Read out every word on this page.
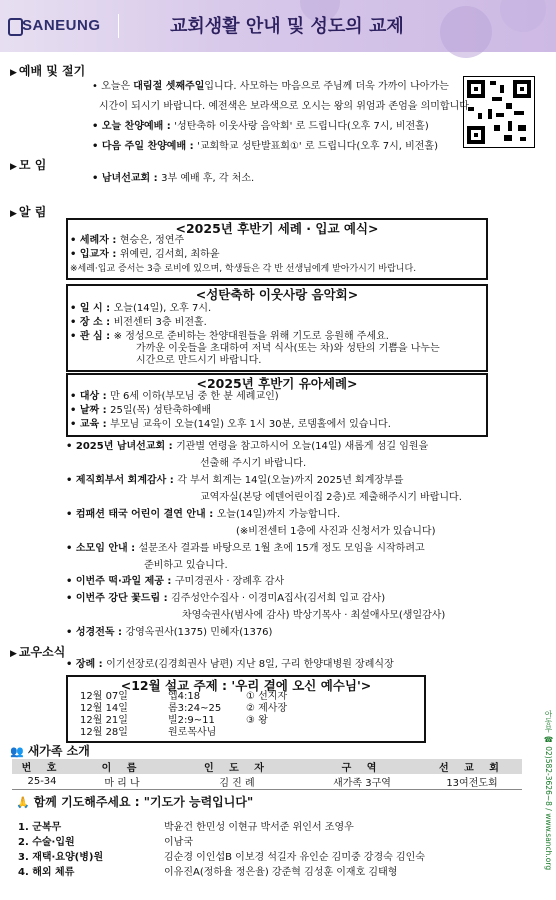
SANEUNG	교회생활 안내 및 성도의 교제
▶ 예배 및 절기
• 오늘은 대림절 셋째주일입니다. 사모하는 마음으로 주님께 더욱 가까이 나아가는
시간이 되시기 바랍니다. 예전색은 보라색으로 오시는 왕의 위엄과 존엄을 의미합니다.
• 오늘 찬양예배 : '성탄축하 이웃사랑 음악회' 로 드립니다(오후 7시, 비전홀)
• 다음 주일 찬양예배 : '교회학교 성탄발표회①' 로 드립니다(오후 7시, 비전홀)
▶ 모 임
• 남녀선교회 : 3부 예배 후, 각 처소.
▶ 알 림
<2025년 후반기 세례 · 입교 예식>
• 세례자 : 현승은, 정연주
• 입교자 : 위예린, 김서희, 최하윤
※세례·입교 증서는 3층 로비에 있으며, 학생들은 각 반 선생님에게 받아가시기 바랍니다.
<성탄축하 이웃사랑 음악회>
• 일 시 : 오늘(14일), 오후 7시.
• 장 소 : 비전센터 3층 비전홀.
• 관 심 : ※ 정성으로 준비하는 찬양대원들을 위해 기도로 응원해 주세요.
가까운 이웃들을 초대하여 저녁 식사(또는 차)와 성탄의 기쁨을 나누는
시간으로 만드시기 바랍니다.
<2025년 후반기 유아세례>
• 대상 : 만 6세 이하(부모님 중 한 분 세례교인)
• 날짜 : 25일(목) 성탄축하예배
• 교육 : 부모님 교육이 오늘(14일) 오후 1시 30분, 로뎀홀에서 있습니다.
• 2025년 남녀선교회 : 기관별 연령을 참고하시어 오늘(14일) 새롭게 섬길 임원을
선출해 주시기 바랍니다.
• 제직회부서 회계감사 : 각 부서 회계는 14일(오늘)까지 2025년 회계장부를
교역자실(본당 에덴어린이집 2층)로 제출해주시기 바랍니다.
• 컴패션 태국 어린이 결연 안내 : 오늘(14일)까지 가능합니다.
(※비전센터 1층에 사진과 신청서가 있습니다)
• 소모임 안내 : 설문조사 결과를 바탕으로 1월 초에 15개 정도 모임을 시작하려고
준비하고 있습니다.
• 이번주 떡·과일 제공 : 구미경권사 · 장례후 감사
• 이번주 강단 꽃드림 : 김주성안수집사 · 이경미A집사(김서희 입교 감사)
차영숙권사(범사에 감사) 박상기목사 · 최설애사모(생일감사)
• 성경전독 : 강영옥권사(1375) 민혜자(1376)
▶ 교우소식
• 장례 : 이기선장로(김경희권사 남편) 지난 8일, 구리 한양대병원 장례식장
<12월 설교 주제 : '우리 곁에 오신 예수님'>
12월 07일	엡4:18	① 선지자
12월 14일	롬3:24~25 ② 제사장
12월 21일	빌2:9~11	③ 왕
12월 28일	원로목사님
👥 새가족 소개
번 호	이 름	인 도 자	구 역	선 교 회
25-34	마 리 나	김 진 례	새가족 3구역	13여전도회
🙏 함께 기도해주세요 : "기도가 능력입니다"
1. 군복무	박윤건 한민성 이현규 박서준 위인서 조영우
2. 수술·입원	이남국
3. 재택·요양(병)원	김순경 이인섭B 이보경 석길자 유인순 김미중 강경숙 김인숙
4. 해외 체류	이유진A(정하율 정은율) 강준혁 김성훈 이재호 김태형
아동부 ☎ 02)582-3626~8 / www.sanch.org
